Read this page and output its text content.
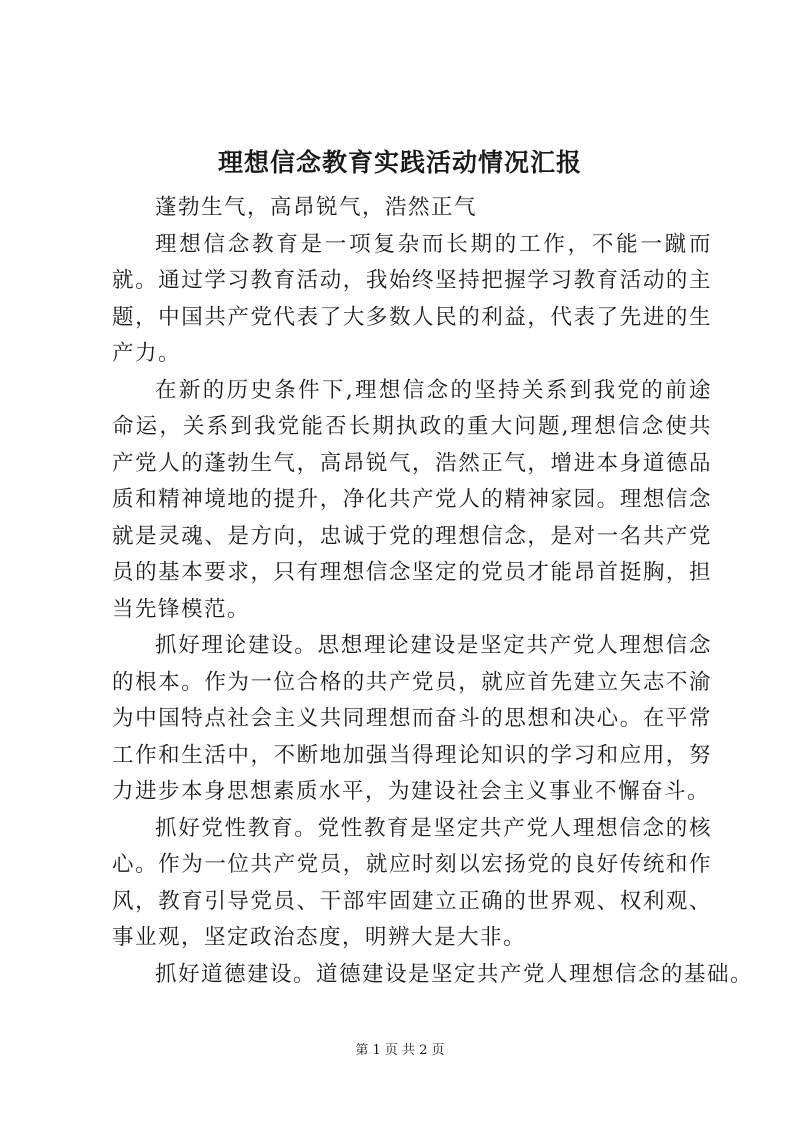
理想信念教育实践活动情况汇报

蓬勃生气，高昂锐气，浩然正气

理想信念教育是一项复杂而长期的工作，不能一蹴而就。通过学习教育活动，我始终坚持把握学习教育活动的主题，中国共产党代表了大多数人民的利益，代表了先进的生产力。

在新的历史条件下,理想信念的坚持关系到我党的前途命运，关系到我党能否长期执政的重大问题,理想信念使共产党人的蓬勃生气，高昂锐气，浩然正气，增进本身道德品质和精神境地的提升，净化共产党人的精神家园。理想信念就是灵魂、是方向，忠诚于党的理想信念，是对一名共产党员的基本要求，只有理想信念坚定的党员才能昂首挺胸，担当先锋模范。

抓好理论建设。思想理论建设是坚定共产党人理想信念的根本。作为一位合格的共产党员，就应首先建立矢志不渝为中国特点社会主义共同理想而奋斗的思想和决心。在平常工作和生活中，不断地加强当得理论知识的学习和应用，努力进步本身思想素质水平，为建设社会主义事业不懈奋斗。

抓好党性教育。党性教育是坚定共产党人理想信念的核心。作为一位共产党员，就应时刻以宏扬党的良好传统和作风，教育引导党员、干部牢固建立正确的世界观、权利观、事业观，坚定政治态度，明辨大是大非。

抓好道德建设。道德建设是坚定共产党人理想信念的基础。

第 1 页 共 2 页
